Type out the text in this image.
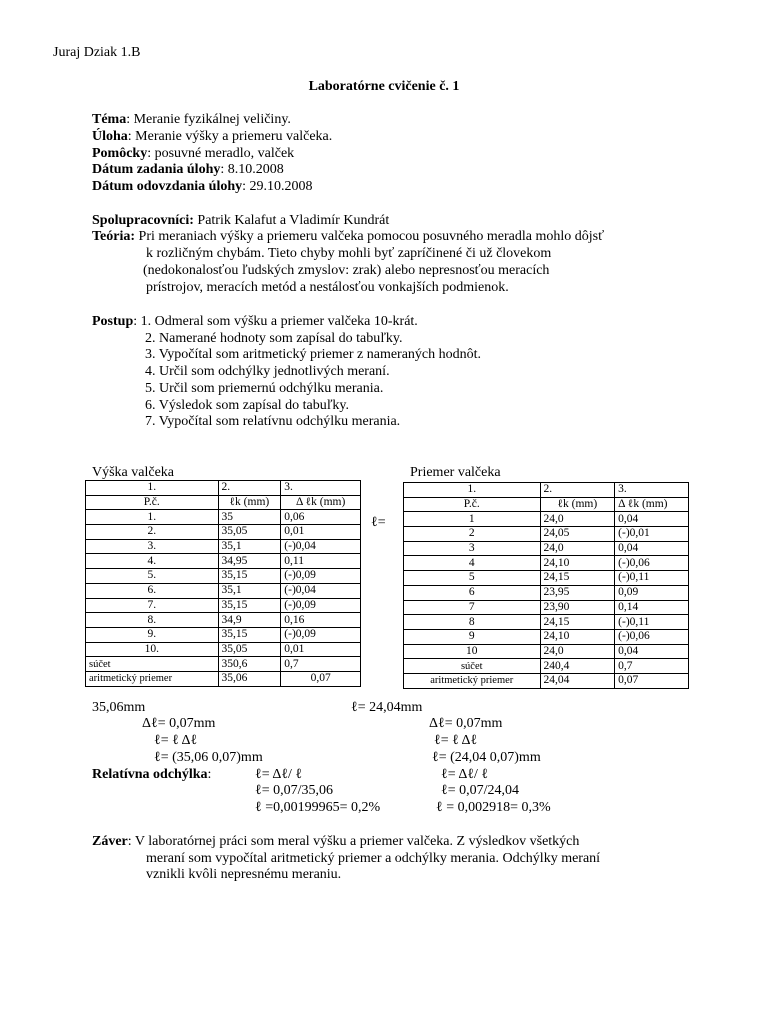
Juraj Dziak 1.B
Laboratórne cvičenie č. 1
Téma: Meranie fyzikálnej veličiny.
Úloha: Meranie výšky a priemeru valčeka.
Pomôcky: posuvné meradlo, valček
Dátum zadania úlohy: 8.10.2008
Dátum odovzdania úlohy: 29.10.2008
Spolupracovníci: Patrik Kalafut a Vladimír Kundrát
Teória: Pri meraniach výšky a priemeru valčeka pomocou posuvného meradla mohlo dôjsť
k rozličným chybám. Tieto chyby mohli byť zapríčinené či už človekom
(nedokonalosťou ľudských zmyslov: zrak) alebo nepresnosťou meracích
prístrojov, meracích metód a nestálosťou vonkajších podmienok.
Postup: 1. Odmeral som výšku a priemer valčeka 10-krát.
2. Namerané hodnoty som zapísal do tabuľky.
3. Vypočítal som aritmetický priemer z nameraných hodnôt.
4. Určil som odchýlky jednotlivých meraní.
5. Určil som priemernú odchýlku merania.
6. Výsledok som zapísal do tabuľky.
7. Vypočítal som relatívnu odchýlku merania.
Výška valčeka	Priemer valčeka
1.	2.	3.
P.č.	ℓk (mm)	Δ ℓk (mm)
1.	35	0,06
2.	35,05	0,01
3.	35,1	(-)0,04
4.	34,95	0,11
5.	35,15	(-)0,09
6.	35,1	(-)0,04
7.	35,15	(-)0,09
8.	34,9	0,16
9.	35,15	(-)0,09
10.	35,05	0,01
súčet	350,6	0,7
aritmetický priemer	35,06	0,07
ℓ=
1.	2.	3.
P.č.	ℓk (mm)	Δ ℓk (mm)
1	24,0	0,04
2	24,05	(-)0,01
3	24,0	0,04
4	24,10	(-)0,06
5	24,15	(-)0,11
6	23,95	0,09
7	23,90	0,14
8	24,15	(-)0,11
9	24,10	(-)0,06
10	24,0	0,04
súčet	240,4	0,7
aritmetický priemer	24,04	0,07
35,06mm
Δℓ= 0,07mm
ℓ= ℓ Δℓ
ℓ= (35,06 0,07)mm
Relatívna odchýlka:	ℓ= Δℓ/ ℓ
ℓ= 0,07/35,06
ℓ =0,00199965= 0,2%
ℓ= 24,04mm
Δℓ= 0,07mm
ℓ= ℓ Δℓ
ℓ= (24,04 0,07)mm
ℓ= Δℓ/ ℓ
ℓ= 0,07/24,04
ℓ = 0,002918= 0,3%
Záver: V laboratórnej práci som meral výšku a priemer valčeka. Z výsledkov všetkých
meraní som vypočítal aritmetický priemer a odchýlky merania. Odchýlky meraní
vznikli kvôli nepresnému meraniu.
